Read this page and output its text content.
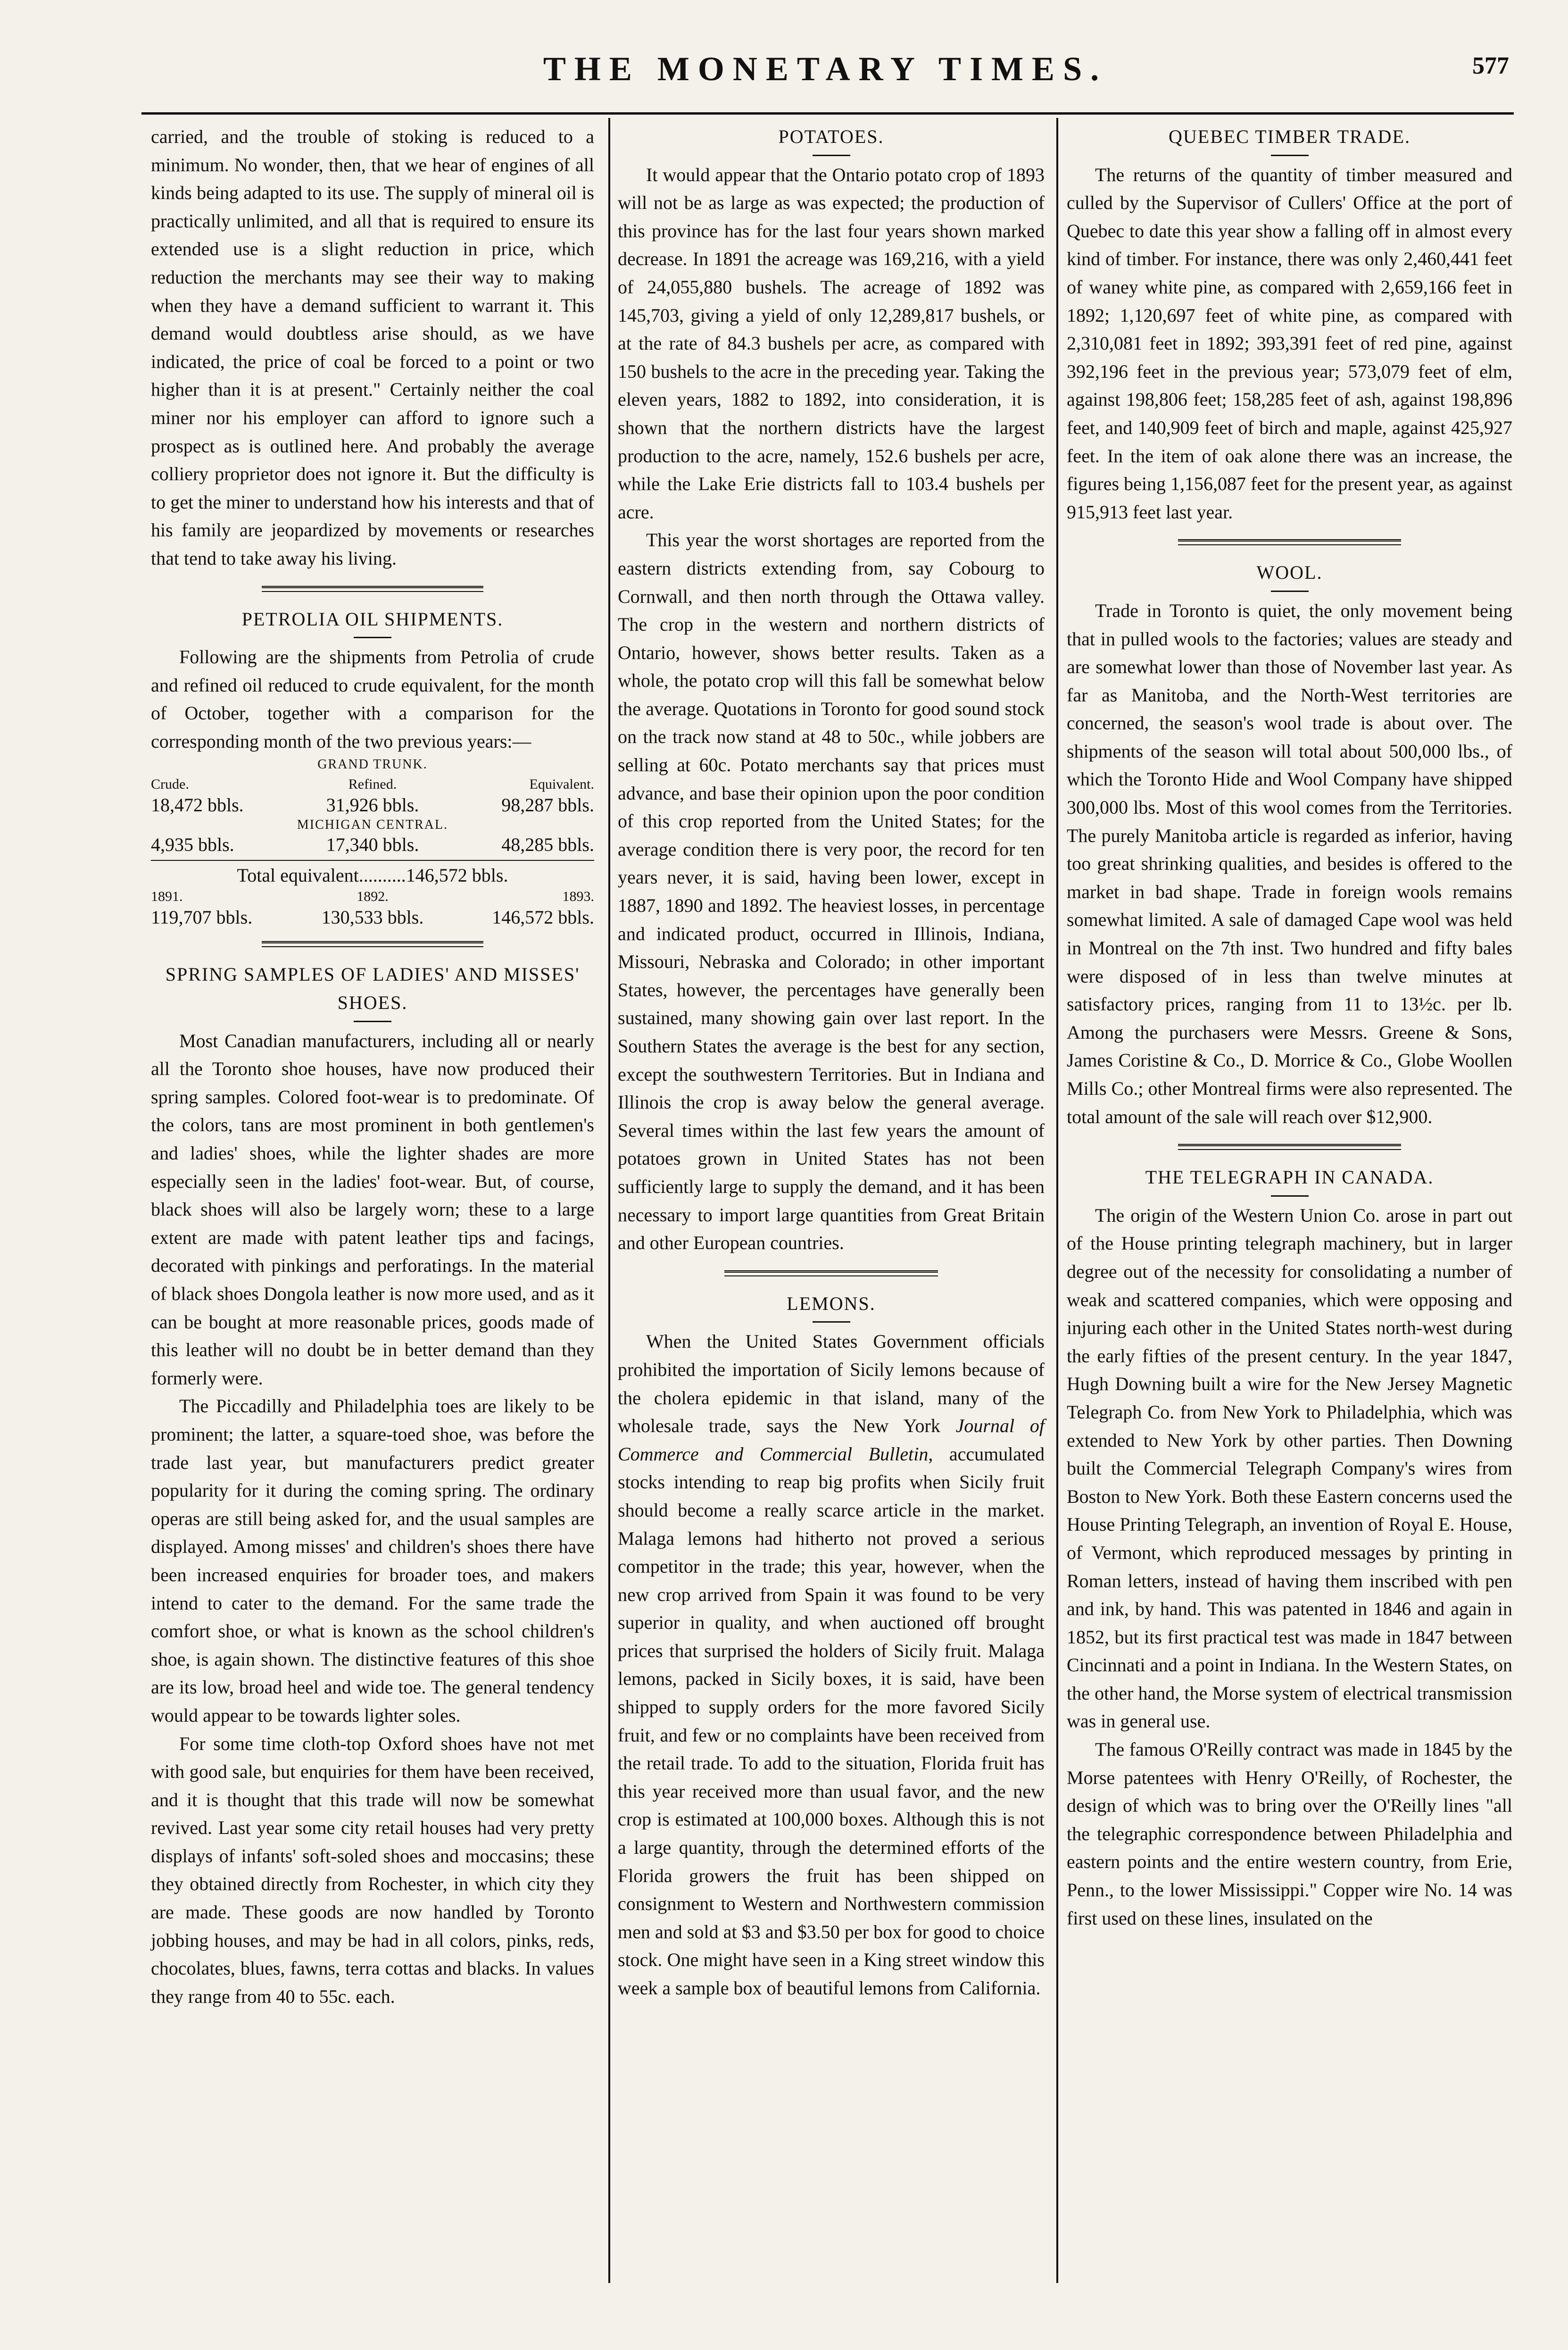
THE MONETARY TIMES.	577

carried, and the trouble of stoking is reduced to a minimum. No wonder, then, that we hear of engines of all kinds being adapted to its use. The supply of mineral oil is practically unlimited, and all that is required to ensure its extended use is a slight reduction in price, which reduction the merchants may see their way to making when they have a demand sufficient to warrant it. This demand would doubtless arise should, as we have indicated, the price of coal be forced to a point or two higher than it is at present." Certainly neither the coal miner nor his employer can afford to ignore such a prospect as is outlined here. And probably the average colliery proprietor does not ignore it. But the difficulty is to get the miner to understand how his interests and that of his family are jeopardized by movements or researches that tend to take away his living.

PETROLIA OIL SHIPMENTS.

Following are the shipments from Petrolia of crude and refined oil reduced to crude equivalent, for the month of October, together with a comparison for the corresponding month of the two previous years:—

GRAND TRUNK.
Crude.	Refined.	Equivalent.
18,472 bbls.	31,926 bbls.	98,287 bbls.
MICHIGAN CENTRAL.
4,935 bbls.	17,340 bbls.	48,285 bbls.
Total equivalent..........146,572 bbls.
1891.	1892.	1893.
119,707 bbls.	130,533 bbls.	146,572 bbls.
SPRING SAMPLES OF LADIES' AND MISSES' SHOES.

Most Canadian manufacturers, including all or nearly all the Toronto shoe houses, have now produced their spring samples. Colored foot-wear is to predominate. Of the colors, tans are most prominent in both gentlemen's and ladies' shoes, while the lighter shades are more especially seen in the ladies' foot-wear. But, of course, black shoes will also be largely worn; these to a large extent are made with patent leather tips and facings, decorated with pinkings and perforatings. In the material of black shoes Dongola leather is now more used, and as it can be bought at more reasonable prices, goods made of this leather will no doubt be in better demand than they formerly were.

The Piccadilly and Philadelphia toes are likely to be prominent; the latter, a square-toed shoe, was before the trade last year, but manufacturers predict greater popularity for it during the coming spring. The ordinary operas are still being asked for, and the usual samples are displayed. Among misses' and children's shoes there have been increased enquiries for broader toes, and makers intend to cater to the demand. For the same trade the comfort shoe, or what is known as the school children's shoe, is again shown. The distinctive features of this shoe are its low, broad heel and wide toe. The general tendency would appear to be towards lighter soles.

For some time cloth-top Oxford shoes have not met with good sale, but enquiries for them have been received, and it is thought that this trade will now be somewhat revived. Last year some city retail houses had very pretty displays of infants' soft-soled shoes and moccasins; these they obtained directly from Rochester, in which city they are made. These goods are now handled by Toronto jobbing houses, and may be had in all colors, pinks, reds, chocolates, blues, fawns, terra cottas and blacks. In values they range from 40 to 55c. each.

POTATOES.

It would appear that the Ontario potato crop of 1893 will not be as large as was expected; the production of this province has for the last four years shown marked decrease. In 1891 the acreage was 169,216, with a yield of 24,055,880 bushels. The acreage of 1892 was 145,703, giving a yield of only 12,289,817 bushels, or at the rate of 84.3 bushels per acre, as compared with 150 bushels to the acre in the preceding year. Taking the eleven years, 1882 to 1892, into consideration, it is shown that the northern districts have the largest production to the acre, namely, 152.6 bushels per acre, while the Lake Erie districts fall to 103.4 bushels per acre.

This year the worst shortages are reported from the eastern districts extending from, say Cobourg to Cornwall, and then north through the Ottawa valley. The crop in the western and northern districts of Ontario, however, shows better results. Taken as a whole, the potato crop will this fall be somewhat below the average. Quotations in Toronto for good sound stock on the track now stand at 48 to 50c., while jobbers are selling at 60c. Potato merchants say that prices must advance, and base their opinion upon the poor condition of this crop reported from the United States; for the average condition there is very poor, the record for ten years never, it is said, having been lower, except in 1887, 1890 and 1892. The heaviest losses, in percentage and indicated product, occurred in Illinois, Indiana, Missouri, Nebraska and Colorado; in other important States, however, the percentages have generally been sustained, many showing gain over last report. In the Southern States the average is the best for any section, except the southwestern Territories. But in Indiana and Illinois the crop is away below the general average. Several times within the last few years the amount of potatoes grown in United States has not been sufficiently large to supply the demand, and it has been necessary to import large quantities from Great Britain and other European countries.

LEMONS.

When the United States Government officials prohibited the importation of Sicily lemons because of the cholera epidemic in that island, many of the wholesale trade, says the New York Journal of Commerce and Commercial Bulletin, accumulated stocks intending to reap big profits when Sicily fruit should become a really scarce article in the market. Malaga lemons had hitherto not proved a serious competitor in the trade; this year, however, when the new crop arrived from Spain it was found to be very superior in quality, and when auctioned off brought prices that surprised the holders of Sicily fruit. Malaga lemons, packed in Sicily boxes, it is said, have been shipped to supply orders for the more favored Sicily fruit, and few or no complaints have been received from the retail trade. To add to the situation, Florida fruit has this year received more than usual favor, and the new crop is estimated at 100,000 boxes. Although this is not a large quantity, through the determined efforts of the Florida growers the fruit has been shipped on consignment to Western and Northwestern commission men and sold at $3 and $3.50 per box for good to choice stock. One might have seen in a King street window this week a sample box of beautiful lemons from California.

QUEBEC TIMBER TRADE.

The returns of the quantity of timber measured and culled by the Supervisor of Cullers' Office at the port of Quebec to date this year show a falling off in almost every kind of timber. For instance, there was only 2,460,441 feet of waney white pine, as compared with 2,659,166 feet in 1892; 1,120,697 feet of white pine, as compared with 2,310,081 feet in 1892; 393,391 feet of red pine, against 392,196 feet in the previous year; 573,079 feet of elm, against 198,806 feet; 158,285 feet of ash, against 198,896 feet, and 140,909 feet of birch and maple, against 425,927 feet. In the item of oak alone there was an increase, the figures being 1,156,087 feet for the present year, as against 915,913 feet last year.

WOOL.

Trade in Toronto is quiet, the only movement being that in pulled wools to the factories; values are steady and are somewhat lower than those of November last year. As far as Manitoba, and the North-West territories are concerned, the season's wool trade is about over. The shipments of the season will total about 500,000 lbs., of which the Toronto Hide and Wool Company have shipped 300,000 lbs. Most of this wool comes from the Territories. The purely Manitoba article is regarded as inferior, having too great shrinking qualities, and besides is offered to the market in bad shape. Trade in foreign wools remains somewhat limited. A sale of damaged Cape wool was held in Montreal on the 7th inst. Two hundred and fifty bales were disposed of in less than twelve minutes at satisfactory prices, ranging from 11 to 13½c. per lb. Among the purchasers were Messrs. Greene & Sons, James Coristine & Co., D. Morrice & Co., Globe Woollen Mills Co.; other Montreal firms were also represented. The total amount of the sale will reach over $12,900.

THE TELEGRAPH IN CANADA.

The origin of the Western Union Co. arose in part out of the House printing telegraph machinery, but in larger degree out of the necessity for consolidating a number of weak and scattered companies, which were opposing and injuring each other in the United States north-west during the early fifties of the present century. In the year 1847, Hugh Downing built a wire for the New Jersey Magnetic Telegraph Co. from New York to Philadelphia, which was extended to New York by other parties. Then Downing built the Commercial Telegraph Company's wires from Boston to New York. Both these Eastern concerns used the House Printing Telegraph, an invention of Royal E. House, of Vermont, which reproduced messages by printing in Roman letters, instead of having them inscribed with pen and ink, by hand. This was patented in 1846 and again in 1852, but its first practical test was made in 1847 between Cincinnati and a point in Indiana. In the Western States, on the other hand, the Morse system of electrical transmission was in general use.

The famous O'Reilly contract was made in 1845 by the Morse patentees with Henry O'Reilly, of Rochester, the design of which was to bring over the O'Reilly lines "all the telegraphic correspondence between Philadelphia and eastern points and the entire western country, from Erie, Penn., to the lower Mississippi." Copper wire No. 14 was first used on these lines, insulated on the
